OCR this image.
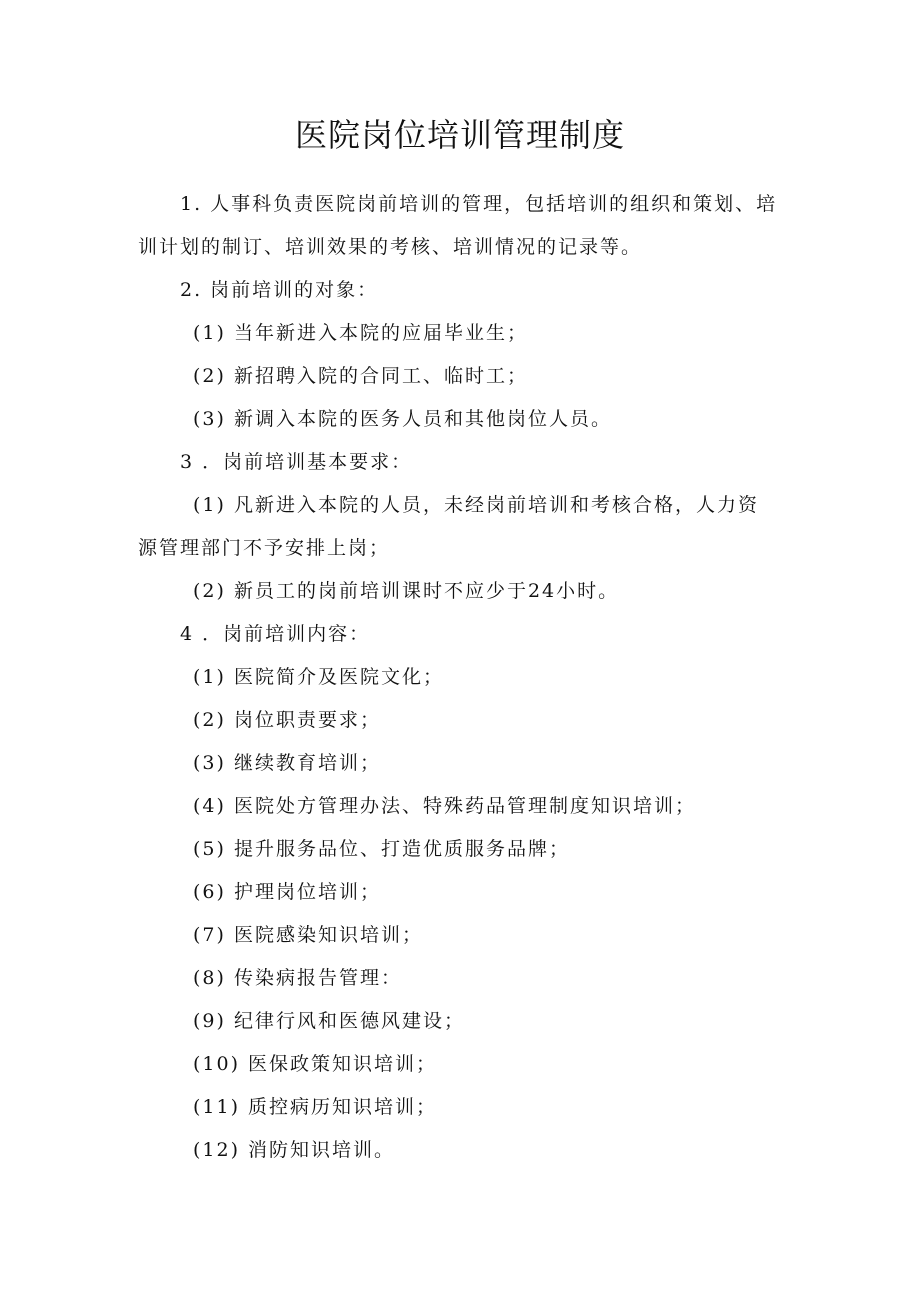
医院岗位培训管理制度

1. 人事科负责医院岗前培训的管理，包括培训的组织和策划、培训计划的制订、培训效果的考核、培训情况的记录等。

2. 岗前培训的对象：

(1) 当年新进入本院的应届毕业生；

(2) 新招聘入院的合同工、临时工；

(3) 新调入本院的医务人员和其他岗位人员。

3 ．岗前培训基本要求：

(1) 凡新进入本院的人员，未经岗前培训和考核合格，人力资源管理部门不予安排上岗；

(2) 新员工的岗前培训课时不应少于24小时。

4 ．岗前培训内容：

(1) 医院简介及医院文化；

(2) 岗位职责要求；

(3) 继续教育培训；

(4) 医院处方管理办法、特殊药品管理制度知识培训；

(5) 提升服务品位、打造优质服务品牌；

(6) 护理岗位培训；

(7) 医院感染知识培训；

(8) 传染病报告管理：

(9) 纪律行风和医德风建设；

(10) 医保政策知识培训；

(11) 质控病历知识培训；

(12) 消防知识培训。
